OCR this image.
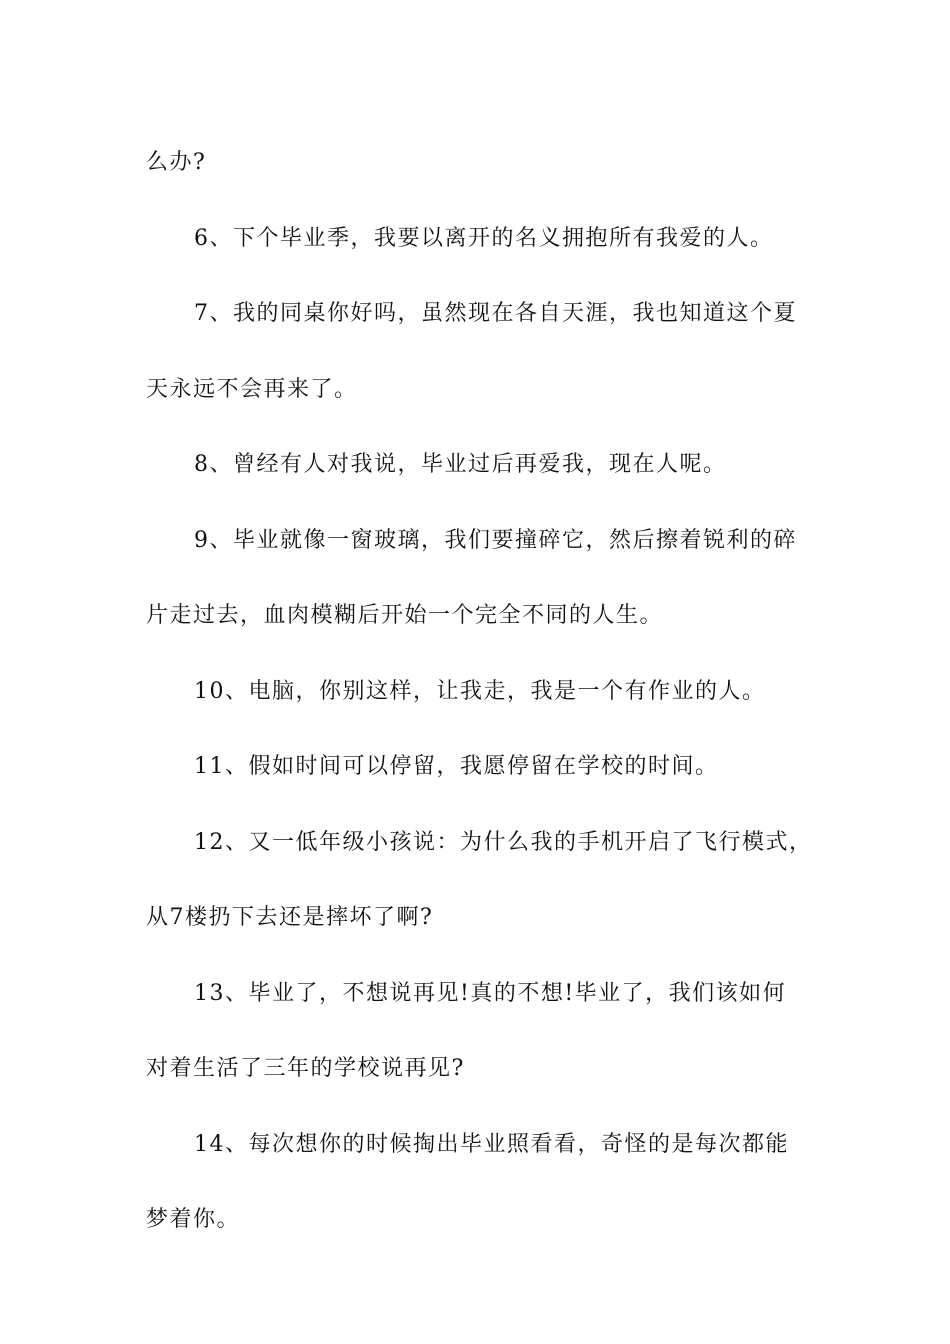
么办?
6、下个毕业季，我要以离开的名义拥抱所有我爱的人。
7、我的同桌你好吗，虽然现在各自天涯，我也知道这个夏
天永远不会再来了。
8、曾经有人对我说，毕业过后再爱我，现在人呢。
9、毕业就像一窗玻璃，我们要撞碎它，然后擦着锐利的碎
片走过去，血肉模糊后开始一个完全不同的人生。
10、电脑，你别这样，让我走，我是一个有作业的人。
11、假如时间可以停留，我愿停留在学校的时间。
12、又一低年级小孩说：为什么我的手机开启了飞行模式，
从7楼扔下去还是摔坏了啊?
13、毕业了，不想说再见!真的不想!毕业了，我们该如何
对着生活了三年的学校说再见?
14、每次想你的时候掏出毕业照看看，奇怪的是每次都能
梦着你。
